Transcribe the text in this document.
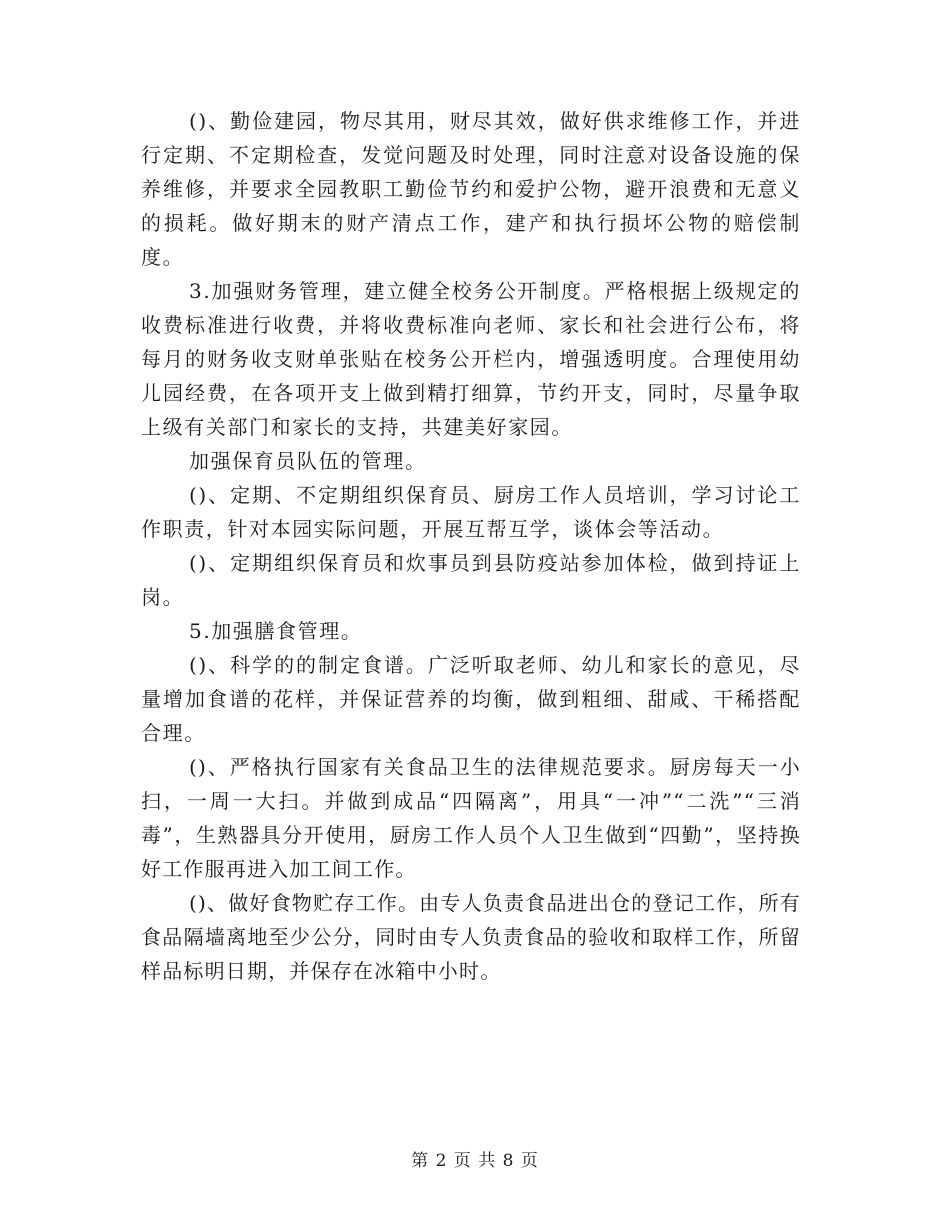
()、勤俭建园，物尽其用，财尽其效，做好供求维修工作，并进行定期、不定期检查，发觉问题及时处理，同时注意对设备设施的保养维修，并要求全园教职工勤俭节约和爱护公物，避开浪费和无意义的损耗。做好期末的财产清点工作，建产和执行损坏公物的赔偿制度。

3.加强财务管理，建立健全校务公开制度。严格根据上级规定的收费标准进行收费，并将收费标准向老师、家长和社会进行公布，将每月的财务收支财单张贴在校务公开栏内，增强透明度。合理使用幼儿园经费，在各项开支上做到精打细算，节约开支，同时，尽量争取上级有关部门和家长的支持，共建美好家园。

加强保育员队伍的管理。

()、定期、不定期组织保育员、厨房工作人员培训，学习讨论工作职责，针对本园实际问题，开展互帮互学，谈体会等活动。

()、定期组织保育员和炊事员到县防疫站参加体检，做到持证上岗。

5.加强膳食管理。

()、科学的的制定食谱。广泛听取老师、幼儿和家长的意见，尽量增加食谱的花样，并保证营养的均衡，做到粗细、甜咸、干稀搭配合理。

()、严格执行国家有关食品卫生的法律规范要求。厨房每天一小扫，一周一大扫。并做到成品“四隔离”，用具“一冲”“二洗”“三消毒”，生熟器具分开使用，厨房工作人员个人卫生做到“四勤”，坚持换好工作服再进入加工间工作。

()、做好食物贮存工作。由专人负责食品进出仓的登记工作，所有食品隔墙离地至少公分，同时由专人负责食品的验收和取样工作，所留样品标明日期，并保存在冰箱中小时。

第 2 页 共 8 页
